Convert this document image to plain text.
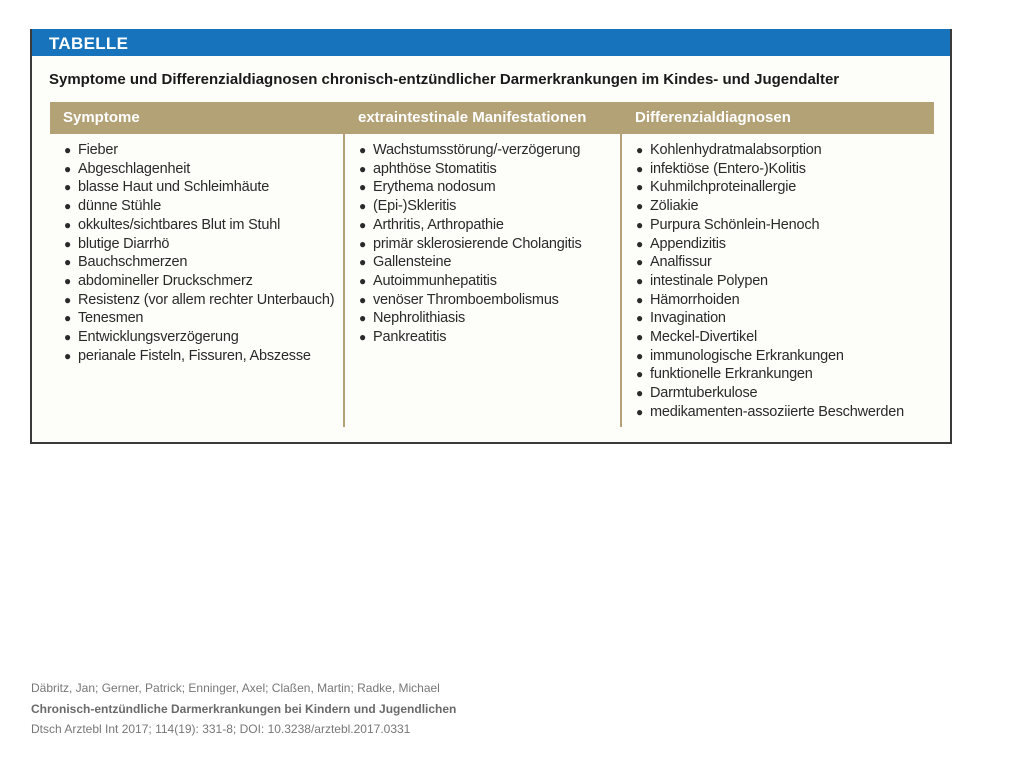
TABELLE
Symptome und Differenzialdiagnosen chronisch-entzündlicher Darmerkrankungen im Kindes- und Jugendalter
Symptome
● Fieber
● Abgeschlagenheit
● blasse Haut und Schleimhäute
● dünne Stühle
● okkultes/sichtbares Blut im Stuhl
● blutige Diarrhö
● Bauchschmerzen
● abdomineller Druckschmerz
● Resistenz (vor allem rechter Unterbauch)
● Tenesmen
● Entwicklungsverzögerung
● perianale Fisteln, Fissuren, Abszesse
extraintestinale Manifestationen
● Wachstumsstörung/-verzögerung
● aphthöse Stomatitis
● Erythema nodosum
● (Epi-)Skleritis
● Arthritis, Arthropathie
● primär sklerosierende Cholangitis
● Gallensteine
● Autoimmunhepatitis
● venöser Thromboembolismus
● Nephrolithiasis
● Pankreatitis
Differenzialdiagnosen
● Kohlenhydratmalabsorption
● infektiöse (Entero-)Kolitis
● Kuhmilchproteinallergie
● Zöliakie
● Purpura Schönlein-Henoch
● Appendizitis
● Analfissur
● intestinale Polypen
● Hämorrhoiden
● Invagination
● Meckel-Divertikel
● immunologische Erkrankungen
● funktionelle Erkrankungen
● Darmtuberkulose
● medikamenten-assoziierte Beschwerden
Däbritz, Jan; Gerner, Patrick; Enninger, Axel; Claßen, Martin; Radke, Michael
Chronisch-entzündliche Darmerkrankungen bei Kindern und Jugendlichen
Dtsch Arztebl Int 2017; 114(19): 331-8; DOI: 10.3238/arztebl.2017.0331
